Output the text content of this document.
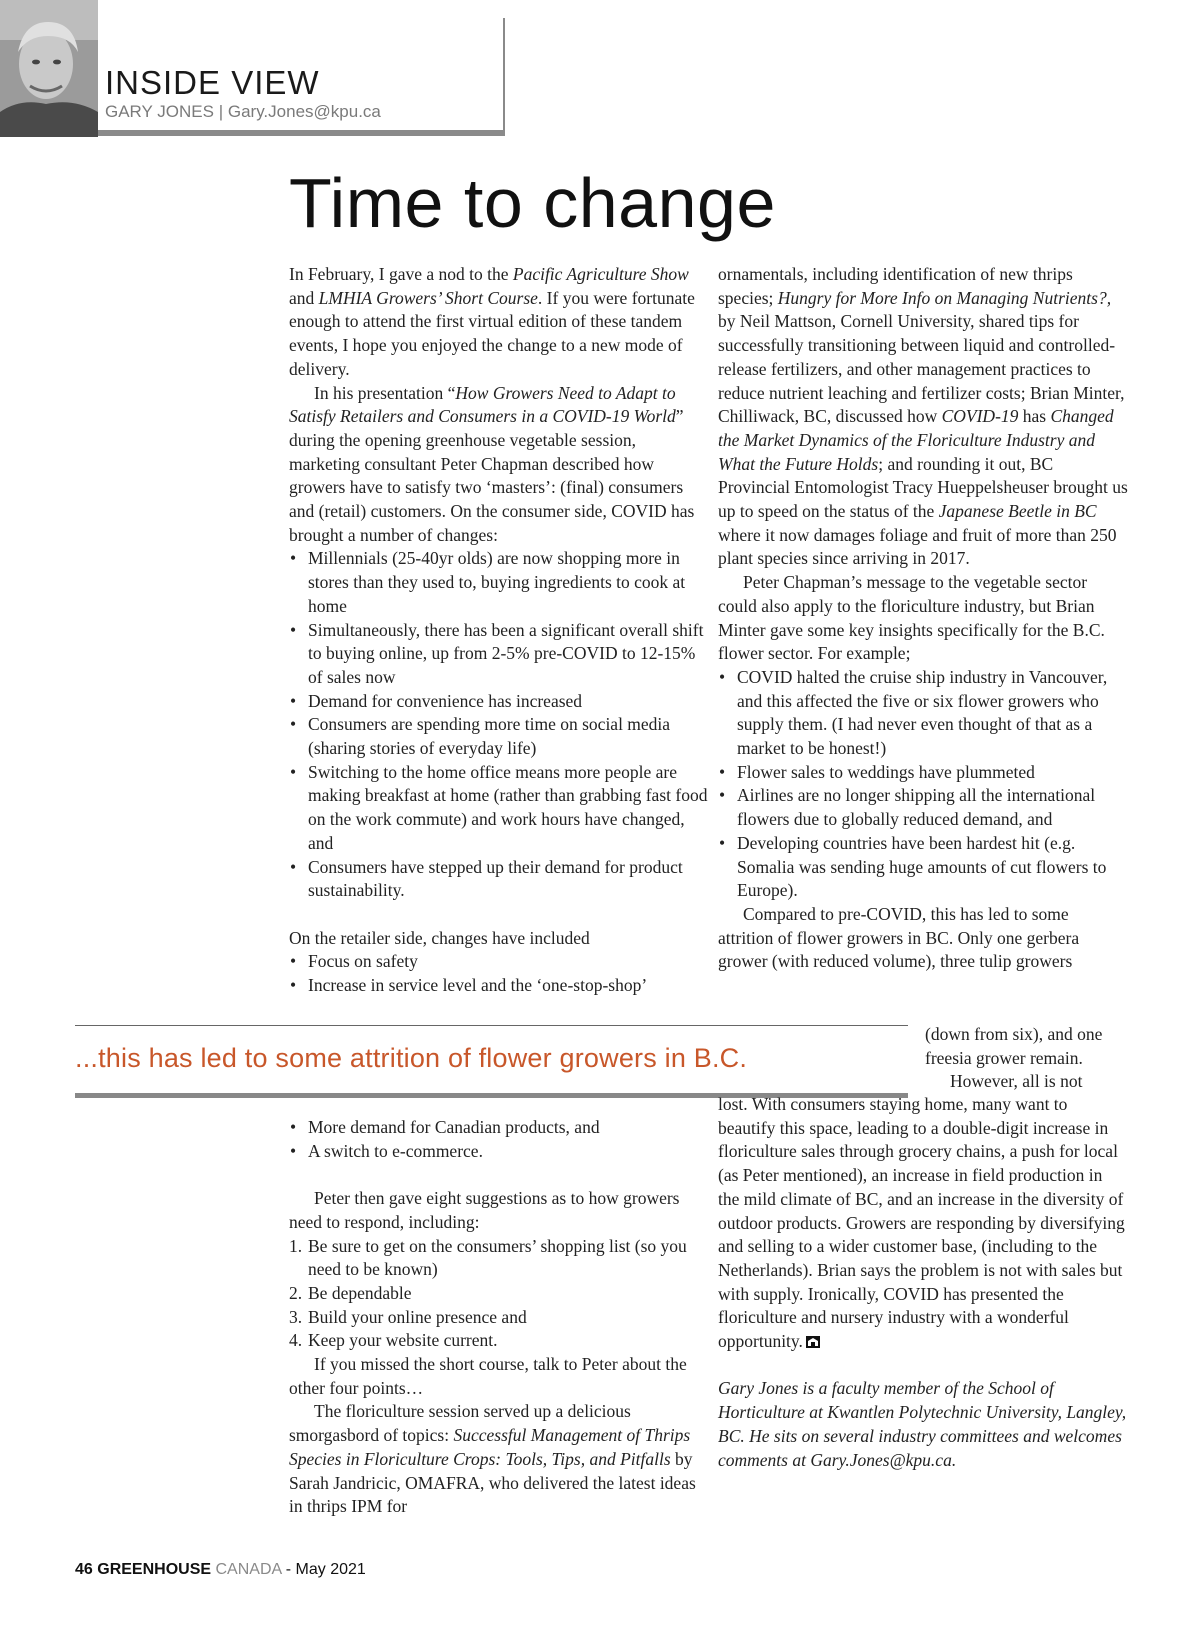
INSIDE VIEW
GARY JONES | Gary.Jones@kpu.ca
Time to change

In February, I gave a nod to the Pacific Agriculture Show and LMHIA Growers’ Short Course. If you were fortunate enough to attend the first virtual edition of these tandem events, I hope you enjoyed the change to a new mode of delivery.

In his presentation “How Growers Need to Adapt to Satisfy Retailers and Consumers in a COVID-19 World” during the opening greenhouse vegetable session, marketing consultant Peter Chapman described how growers have to satisfy two ‘masters’: (final) consumers and (retail) customers. On the consumer side, COVID has brought a number of changes:

• Millennials (25-40yr olds) are now shopping more in stores than they used to, buying ingredients to cook at home
• Simultaneously, there has been a significant overall shift to buying online, up from 2-5% pre-COVID to 12-15% of sales now
• Demand for convenience has increased
• Consumers are spending more time on social media (sharing stories of everyday life)
• Switching to the home office means more people are making breakfast at home (rather than grabbing fast food on the work commute) and work hours have changed, and
• Consumers have stepped up their demand for product sustainability.

On the retailer side, changes have included

• Focus on safety
• Increase in service level and the ‘one-stop-shop’
...this has led to some attrition of flower growers in B.C.
• More demand for Canadian products, and
• A switch to e-commerce.

Peter then gave eight suggestions as to how growers need to respond, including:

1. Be sure to get on the consumers’ shopping list (so you need to be known)
2. Be dependable
3. Build your online presence and
4. Keep your website current.

If you missed the short course, talk to Peter about the other four points…

The floriculture session served up a delicious smorgasbord of topics: Successful Management of Thrips Species in Floriculture Crops: Tools, Tips, and Pitfalls by Sarah Jandricic, OMAFRA, who delivered the latest ideas in thrips IPM for

ornamentals, including identification of new thrips species; Hungry for More Info on Managing Nutrients?, by Neil Mattson, Cornell University, shared tips for successfully transitioning between liquid and controlled-release fertilizers, and other management practices to reduce nutrient leaching and fertilizer costs; Brian Minter, Chilliwack, BC, discussed how COVID-19 has Changed the Market Dynamics of the Floriculture Industry and What the Future Holds; and rounding it out, BC Provincial Entomologist Tracy Hueppelsheuser brought us up to speed on the status of the Japanese Beetle in BC where it now damages foliage and fruit of more than 250 plant species since arriving in 2017.

Peter Chapman’s message to the vegetable sector could also apply to the floriculture industry, but Brian Minter gave some key insights specifically for the B.C. flower sector. For example;

• COVID halted the cruise ship industry in Vancouver, and this affected the five or six flower growers who supply them. (I had never even thought of that as a market to be honest!)
• Flower sales to weddings have plummeted
• Airlines are no longer shipping all the international flowers due to globally reduced demand, and
• Developing countries have been hardest hit (e.g. Somalia was sending huge amounts of cut flowers to Europe).

Compared to pre-COVID, this has led to some attrition of flower growers in BC. Only one gerbera grower (with reduced volume), three tulip growers

(down from six), and one freesia grower remain.

However, all is not

lost. With consumers staying home, many want to beautify this space, leading to a double-digit increase in floriculture sales through grocery chains, a push for local (as Peter mentioned), an increase in field production in the mild climate of BC, and an increase in the diversity of outdoor products. Growers are responding by diversifying and selling to a wider customer base, (including to the Netherlands). Brian says the problem is not with sales but with supply. Ironically, COVID has presented the floriculture and nursery industry with a wonderful opportunity.

Gary Jones is a faculty member of the School of Horticulture at Kwantlen Polytechnic University, Langley, BC. He sits on several industry committees and welcomes comments at Gary.Jones@kpu.ca.

46 GREENHOUSE CANADA - May 2021
